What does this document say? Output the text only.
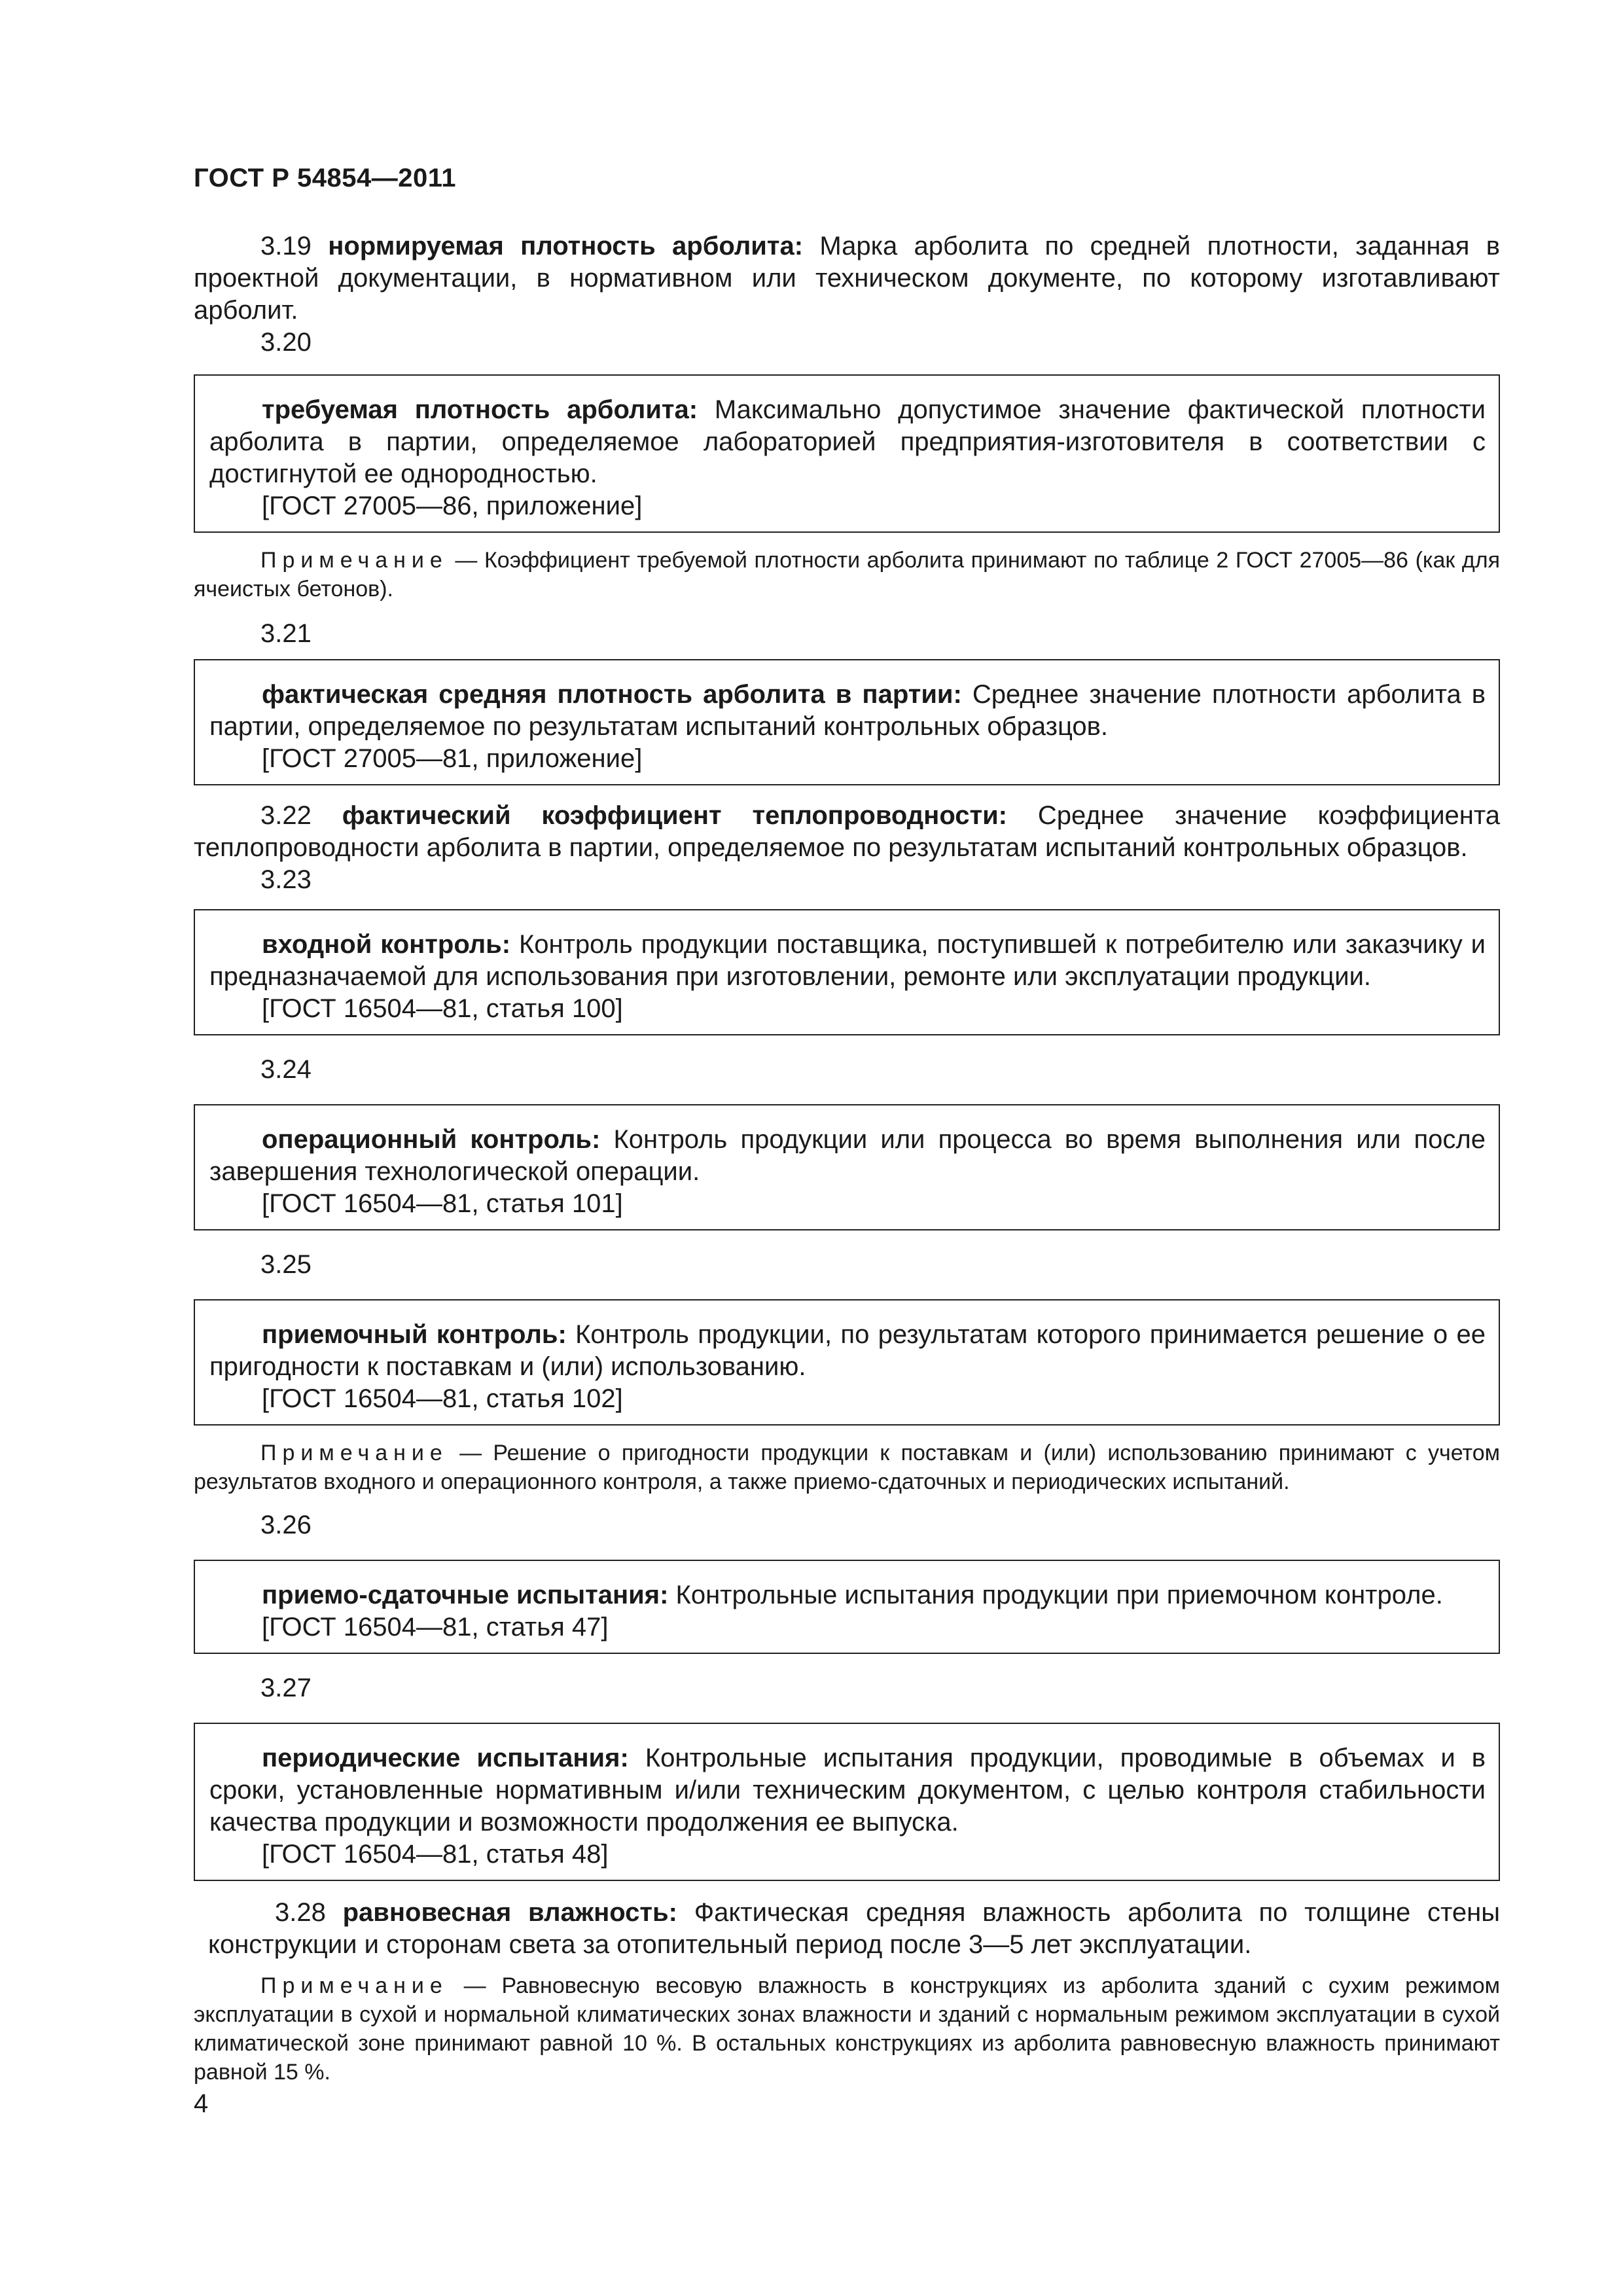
ГОСТ Р 54854—2011

3.19 нормируемая плотность арболита: Марка арболита по средней плотности, заданная в проектной документации, в нормативном или техническом документе, по которому изготавливают арболит.

3.20

требуемая плотность арболита: Максимально допустимое значение фактической плотности арболита в партии, определяемое лабораторией предприятия-изготовителя в соответствии с достигнутой ее однородностью.

[ГОСТ 27005—86, приложение]

Примечание — Коэффициент требуемой плотности арболита принимают по таблице 2 ГОСТ 27005—86 (как для ячеистых бетонов).

3.21

фактическая средняя плотность арболита в партии: Среднее значение плотности арболита в партии, определяемое по результатам испытаний контрольных образцов.

[ГОСТ 27005—81, приложение]

3.22 фактический коэффициент теплопроводности: Среднее значение коэффициента теплопроводности арболита в партии, определяемое по результатам испытаний контрольных образцов.

3.23

входной контроль: Контроль продукции поставщика, поступившей к потребителю или заказчику и предназначаемой для использования при изготовлении, ремонте или эксплуатации продукции.

[ГОСТ 16504—81, статья 100]

3.24

операционный контроль: Контроль продукции или процесса во время выполнения или после завершения технологической операции.

[ГОСТ 16504—81, статья 101]

3.25

приемочный контроль: Контроль продукции, по результатам которого принимается решение о ее пригодности к поставкам и (или) использованию.

[ГОСТ 16504—81, статья 102]

Примечание — Решение о пригодности продукции к поставкам и (или) использованию принимают с учетом результатов входного и операционного контроля, а также приемо-сдаточных и периодических испытаний.

3.26

приемо-сдаточные испытания: Контрольные испытания продукции при приемочном контроле.

[ГОСТ 16504—81, статья 47]

3.27

периодические испытания: Контрольные испытания продукции, проводимые в объемах и в сроки, установленные нормативным и/или техническим документом, с целью контроля стабильности качества продукции и возможности продолжения ее выпуска.

[ГОСТ 16504—81, статья 48]

3.28 равновесная влажность: Фактическая средняя влажность арболита по толщине стены конструкции и сторонам света за отопительный период после 3—5 лет эксплуатации.

Примечание — Равновесную весовую влажность в конструкциях из арболита зданий с сухим режимом эксплуатации в сухой и нормальной климатических зонах влажности и зданий с нормальным режимом эксплуатации в сухой климатической зоне принимают равной 10 %. В остальных конструкциях из арболита равновесную влажность принимают равной 15 %.

4
